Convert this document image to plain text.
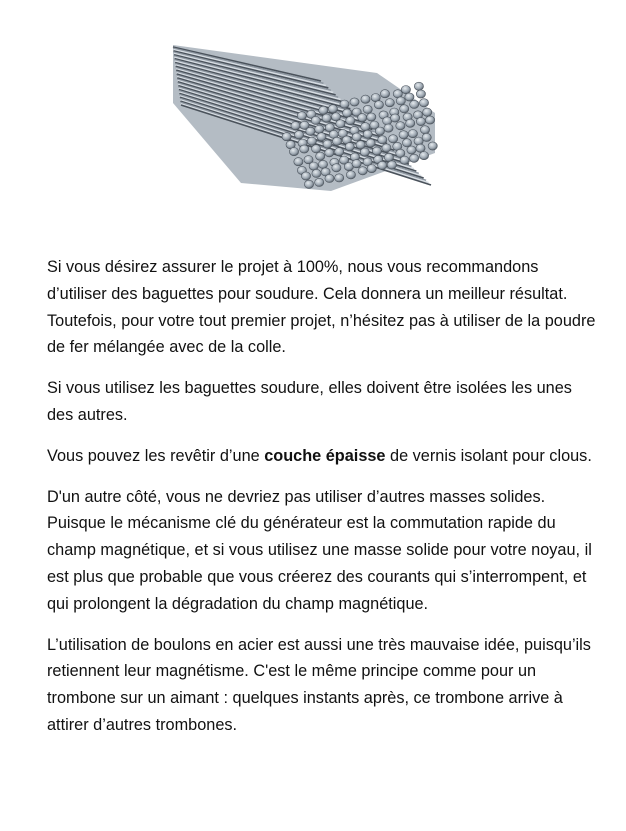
Si vous désirez assurer le projet à 100%, nous vous recommandons d’utiliser des baguettes pour soudure. Cela donnera un meilleur résultat. Toutefois, pour votre tout premier projet, n’hésitez pas à utiliser de la poudre de fer mélangée avec de la colle.

Si vous utilisez les baguettes soudure, elles doivent être isolées les unes des autres.

Vous pouvez les revêtir d’une couche épaisse de vernis isolant pour clous.

D'un autre côté, vous ne devriez pas utiliser d’autres masses solides. Puisque le mécanisme clé du générateur est la commutation rapide du champ magnétique, et si vous utilisez une masse solide pour votre noyau, il est plus que probable que vous créerez des courants qui s’interrompent, et qui prolongent la dégradation du champ magnétique.

L’utilisation de boulons en acier est aussi une très mauvaise idée, puisqu’ils retiennent leur magnétisme. C'est le même principe comme pour un trombone sur un aimant : quelques instants après, ce trombone arrive à attirer d’autres trombones.
